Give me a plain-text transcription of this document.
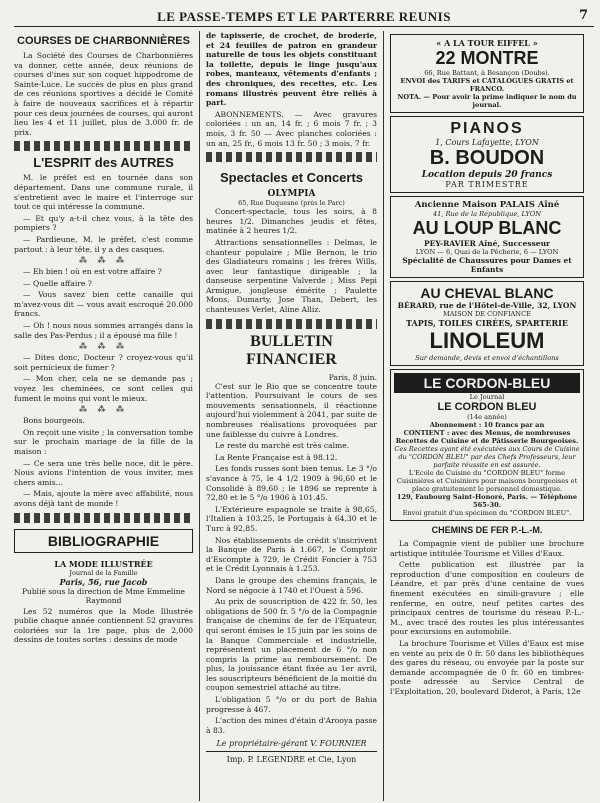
LE PASSE-TEMPS ET LE PARTERRE REUNIS	7
COURSES DE CHARBONNIÈRES

La Société des Courses de Charbonnières va donner, cette année, deux réunions de courses d'ines sur son coquet hippodrome de Sainte-Luce. Le succès de plus en plus grand de ces réunions sportives a décidé le Comité à faire de nouveaux sacrifices et à répartir pour ces deux journées de courses, qui auront lieu les 4 et 11 juillet, plus de 3.000 fr. de prix.

L'ESPRIT des AUTRES

M. le préfet est en tournée dans son département. Dans une commune rurale, il s'entretient avec le maire et l'interroge sur tout ce qui intéresse la commune.

— Et qu'y a-t-il chez vous, à la tête des pompiers ?

— Pardieune, M. le préfet, c'est comme partout : à leur tête, il y a des casques.

⁂ ⁂ ⁂

— Eh bien ! où en est votre affaire ?

— Quelle affaire ?

— Vous savez bien cette canaille qui m'avez-vous dit — vous avait escroqué 20.000 francs.

— Oh ! nous nous sommes arrangés dans la salle des Pas-Perdus ; il a épousé ma fille !

⁂ ⁂ ⁂

— Dites donc, Docteur ? croyez-vous qu'il soit pernicieux de fumer ?

— Mon cher, cela ne se demande pas ; voyez les cheminées, ce sont celles qui fument le moins qui vont le mieux.

⁂ ⁂ ⁂

Bons bourgeois.

On reçoit une visite ; la conversation tombe sur le prochain mariage de la fille de la maison :

— Ce sera une très belle noce, dit le père. Nous avions l'intention de vous inviter, mes chers amis...

— Mais, ajoute la mère avec affabilité, nous avons déjà tant de monde !

BIBLIOGRAPHIE
LA MODE ILLUSTRÉE
Journal de la Famille
Paris, 56, rue Jacob
Publié sous la direction de Mme Emmeline Raymond

Les 52 numéros que la Mode Illustrée publie chaque année contiennent 52 gravures coloriées sur la 1re page, plus de 2,000 dessins de toutes sortes : dessins de mode

de tapisserie, de crochet, de broderie, et 24 feuilles de patron en grandeur naturelle de tous les objets constituant la toilette, depuis le linge jusqu'aux robes, manteaux, vêtements d'enfants ; des chroniques, des recettes, etc. Les romans illustrés peuvent être reliés à part.

ABONNEMENTS. — Avec gravures coloriées : un an, 14 fr. ; 6 mois 7 fr. ; 3 mois, 3 fr. 50 — Avec planches coloriées : un an, 25 fr., 6 mois 13 fr. 50 ; 3 mois, 7 fr.

Spectacles et Concerts
OLYMPIA
65, Rue Duquesne (près le Parc)

Concert-spectacle, tous les soirs, à 8 heures 1/2. Dimanches jeudis et fêtes, matinée à 2 heures 1/2.

Attractions sensationnelles : Delmas, le chanteur populaire ; Mlle Bernon, le trio des Gladiateurs romains ; les frères Wills, avec leur fantastique dirigeable ; la danseuse serpentine Valverde ; Miss Pepi Armigue, jongleuse émérite ; Paulette Mons, Dumarty, Jose Than, Debert, les chanteuses Verlet, Aline Alliz.

BULLETIN FINANCIER
Paris, 8 juin.

C'est sur le Rio que se concentre toute l'attention. Poursuivant le cours de ses mouvements sensationnels, il réactionne aujourd'hui violemment à 2041, par suite de nombreuses réalisations provoquées par une faiblesse du cuivre à Londres.

Le reste du marché est très calme.

La Rente Française est à 98.12.

Les fonds russes sont bien tenus. Le 3 °/o s'avance à 75, le 4 1/2 1909 à 96,60 et le Consolidé à 89,60 ; le 1896 se reprente à 72,80 et le 5 °/o 1906 à 101.45.

L'Extérieure espagnole se traite à 98,65, l'Italien à 103,25, le Portugais à 64,30 et le Turc à 92,85.

Nos établissements de crédit s'inscrivent la Banque de Paris à 1.667, le Comptoir d'Escompte à 729, le Crédit Foncier à 753 et le Crédit Lyonnais à 1.253.

Dans le groupe des chemins français, le Nord se négocie à 1740 et l'Ouest à 596.

Au prix de souscription de 422 fr. 50, les obligations de 500 fr. 5 °/o de la Compagnie française de chemins de fer de l'Equateur, qui seront émises le 15 juin par les soins de la Banque Commerciale et industrielle, représentent un placement de 6 °/o non compris la prime au remboursement. De plus, la jouissance étant fixée au 1er avril, les souscripteurs bénéficient de la moitié du coupon semestriel attaché au titre.

L'obligation 5 °/o or du port de Bahia progresse à 467.

L'action des mines d'étain d'Arooya passe à 83.

Le propriétaire-gérant V. FOURNIER
Imp. P. LEGENDRE et Cie, Lyon
« A LA TOUR EIFFEL »
22 MONTRE
66, Rue Battant, à Besançon (Doubs).
ENVOI des TARIFS et CATALOGUES GRATIS et FRANCO.
NOTA. — Pour avoir la prime indiquer le nom du journal.
PIANOS
1, Cours Lafayette, LYON
B. BOUDON
Location depuis 20 francs
PAR TRIMESTRE
Ancienne Maison PALAIS Aîné
41, Rue de la République, LYON
AU LOUP BLANC
PEY-RAVIER Aîné, Successeur
LYON — 6, Quai de la Pêcherie, 6 — LYON
Spécialité de Chaussures pour Dames et Enfants
AU CHEVAL BLANC
BÉRARD, rue de l'Hôtel-de-Ville, 32, LYON
MAISON DE CONFIANCE
TAPIS, TOILES CIRÉES, SPARTERIE
LINOLEUM
Sur demande, devis et envoi d'échantillons
LE CORDON-BLEU
Le Journal
LE CORDON BLEU
(14e année)
Abonnement : 10 francs par an
CONTIENT : avec des Menus, de nombreuses Recettes de Cuisine et de Pâtisserie Bourgeoises.
Ces Recettes ayant été exécutées aux Cours de Cuisine du "CORDON BLEU" par des Chefs Professeurs, leur parfaite réussite en est assurée.
L'Ecole de Cuisine du "CORDON BLEU" forme Cuisinières et Cuisiniers pour maisons bourgeoises et place gratuitement le personnel domestique.
129, Faubourg Saint-Honoré, Paris. — Téléphone 565-30.
Envoi gratuit d'un spécimen du "CORDON BLEU".
CHEMINS DE FER P.-L.-M.

La Compagnie vient de publier une brochure artistique intitulée Tourisme et Villes d'Eaux.

Cette publication est illustrée par la reproduction d'une composition en couleurs de Léandre, et par près d'une centaine de vues finement exécutées en simili-gravure ; elle renferme, en outre, neuf petites cartes des principaux centres de tourisme du réseau P.-L.-M., avec tracé des routes les plus intéressantes pour excursions en automobile.

La brochure Tourisme et Villes d'Eaux est mise en vente au prix de 0 fr. 50 dans les bibliothèques des gares du réseau, ou envoyée par la poste sur demande accompagnée de 0 fr. 60 en timbres-poste adressée au Service Central de l'Exploitation, 20, boulevard Diderot, à Paris, 12e
